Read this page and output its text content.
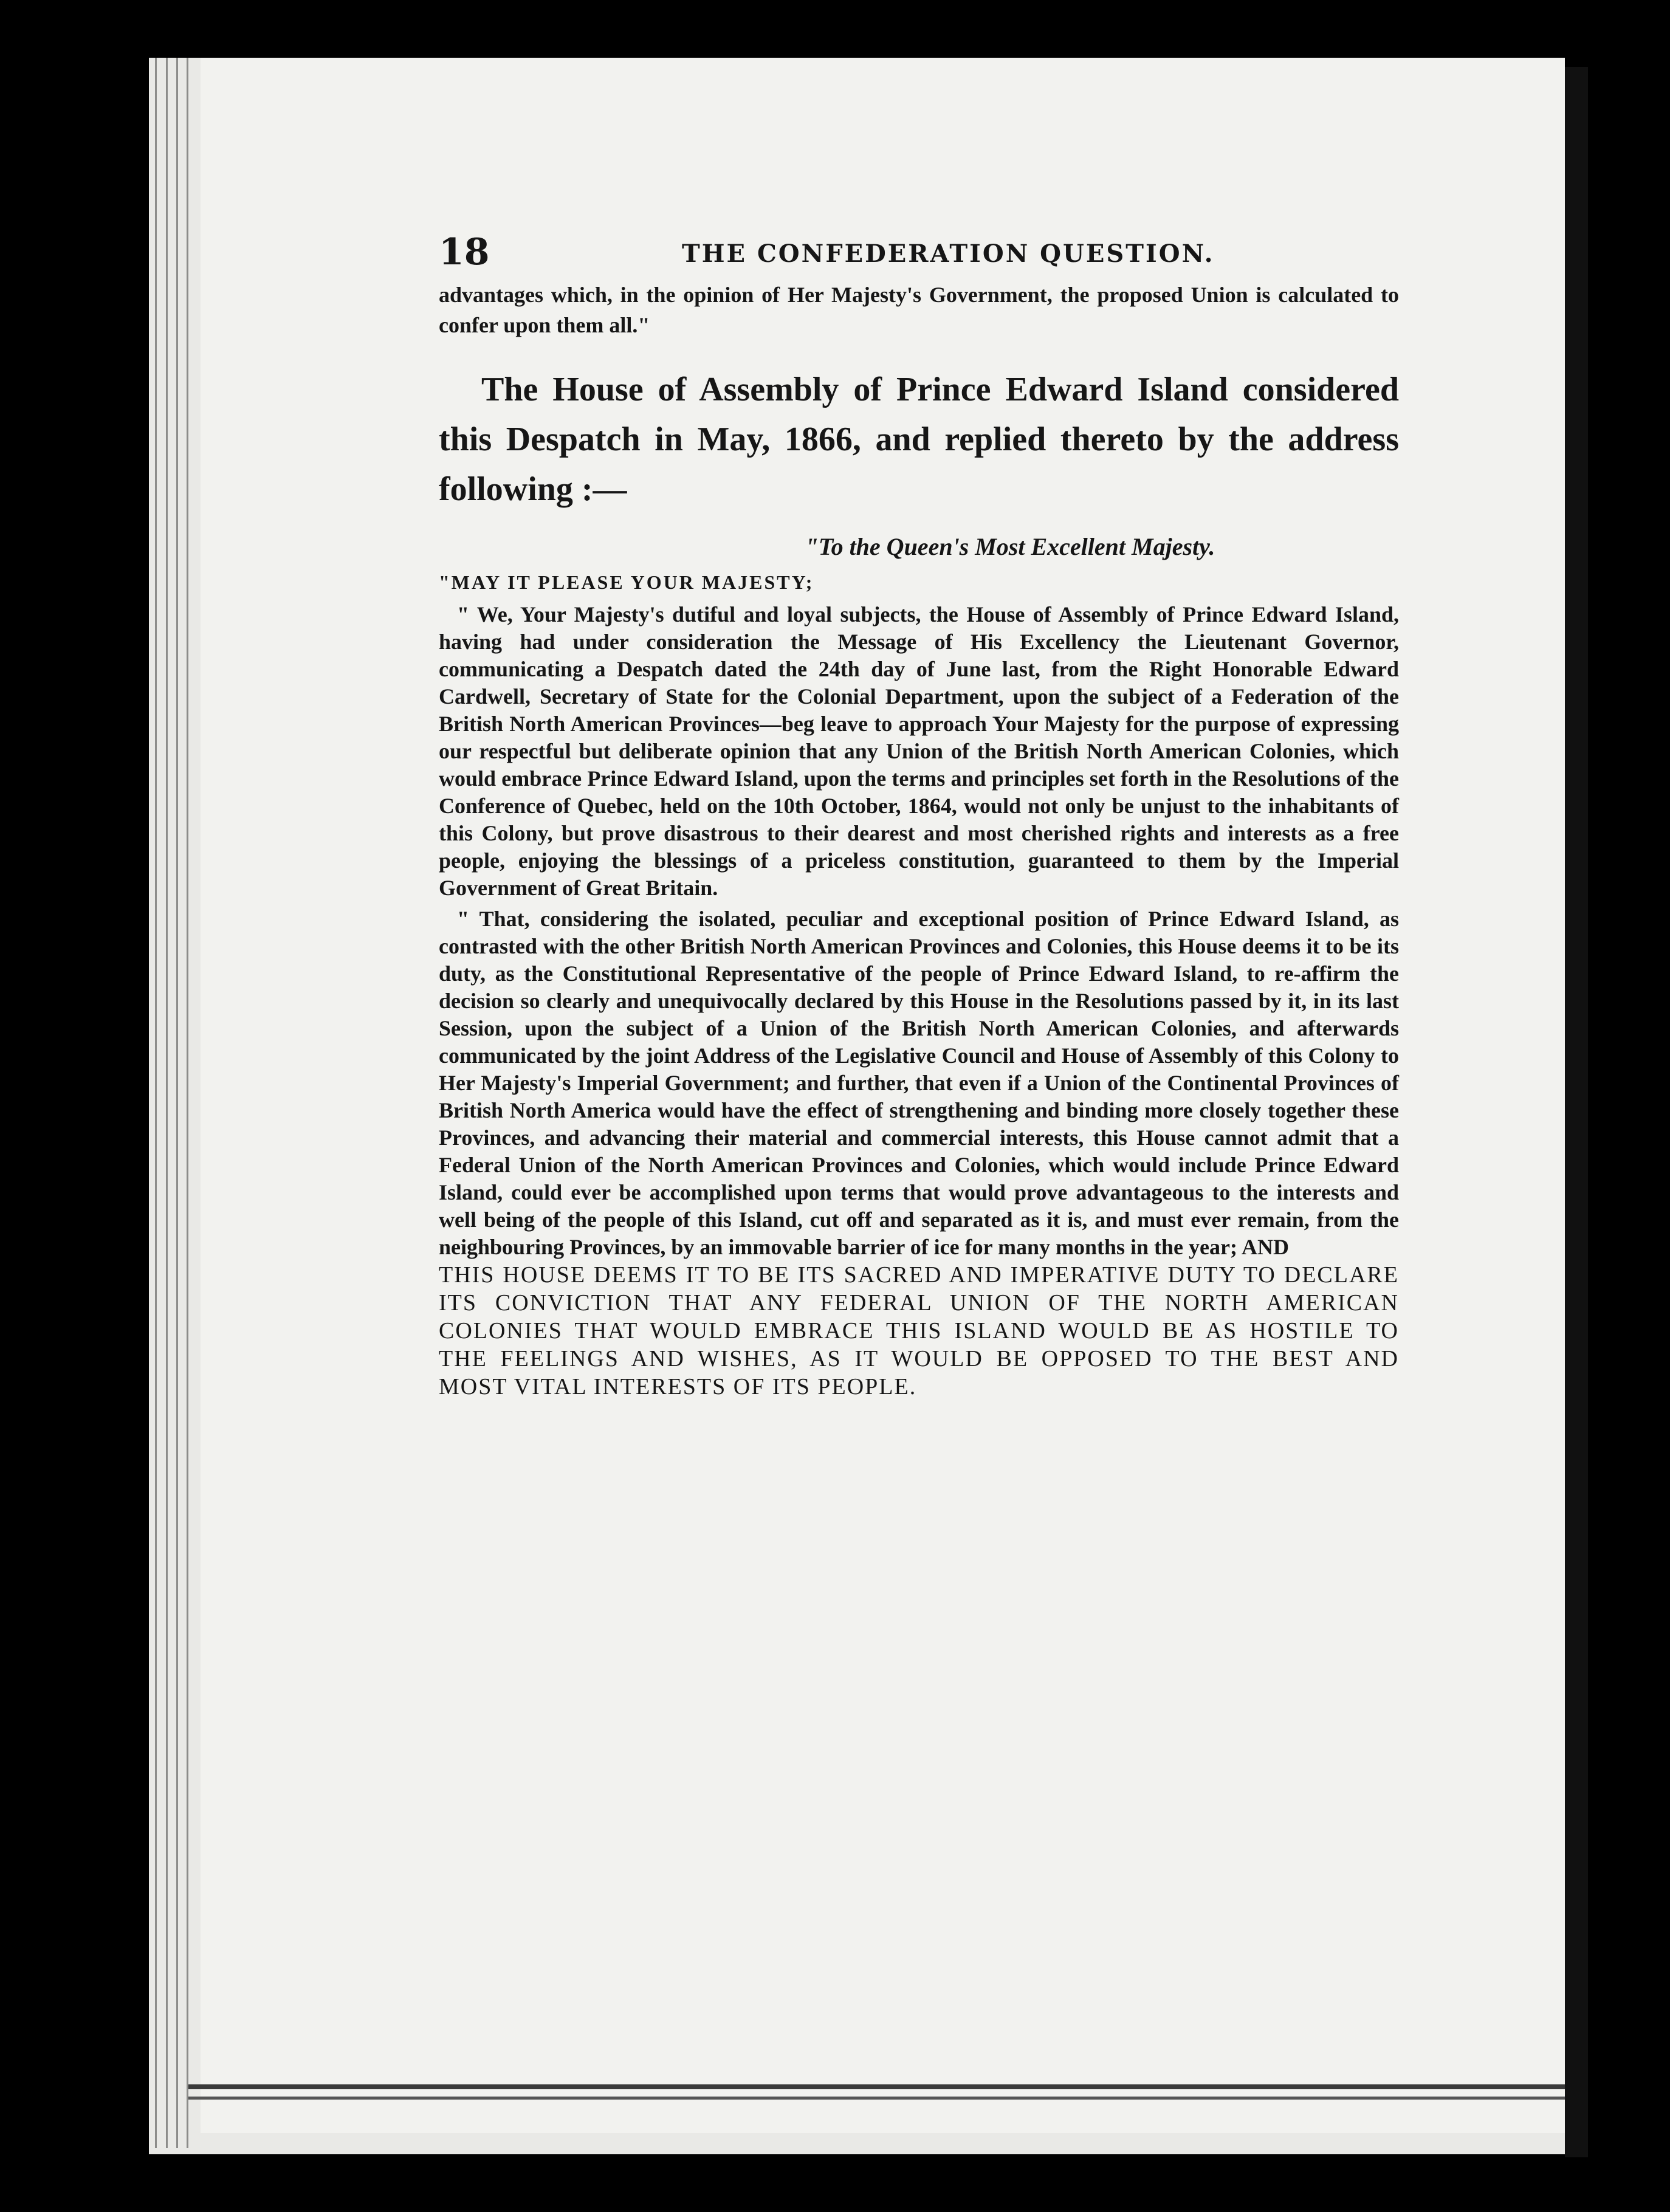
18	THE CONFEDERATION QUESTION.

advantages which, in the opinion of Her Majesty's Government, the proposed Union is calculated to confer upon them all."

The House of Assembly of Prince Edward Island considered this Despatch in May, 1866, and replied thereto by the address following :—

"To the Queen's Most Excellent Majesty.

"MAY IT PLEASE YOUR MAJESTY;

" We, Your Majesty's dutiful and loyal subjects, the House of Assembly of Prince Edward Island, having had under consideration the Message of His Excellency the Lieutenant Governor, communicating a Despatch dated the 24th day of June last, from the Right Honorable Edward Cardwell, Secretary of State for the Colonial Department, upon the subject of a Federation of the British North American Provinces—beg leave to approach Your Majesty for the purpose of expressing our respectful but deliberate opinion that any Union of the British North American Colonies, which would embrace Prince Edward Island, upon the terms and principles set forth in the Resolutions of the Conference of Quebec, held on the 10th October, 1864, would not only be unjust to the inhabitants of this Colony, but prove disastrous to their dearest and most cherished rights and interests as a free people, enjoying the blessings of a priceless constitution, guaranteed to them by the Imperial Government of Great Britain.

" That, considering the isolated, peculiar and exceptional position of Prince Edward Island, as contrasted with the other British North American Provinces and Colonies, this House deems it to be its duty, as the Constitutional Representative of the people of Prince Edward Island, to re-affirm the decision so clearly and unequivocally declared by this House in the Resolutions passed by it, in its last Session, upon the subject of a Union of the British North American Colonies, and afterwards communicated by the joint Address of the Legislative Council and House of Assembly of this Colony to Her Majesty's Imperial Government; and further, that even if a Union of the Continental Provinces of British North America would have the effect of strengthening and binding more closely together these Provinces, and advancing their material and commercial interests, this House cannot admit that a Federal Union of the North American Provinces and Colonies, which would include Prince Edward Island, could ever be accomplished upon terms that would prove advantageous to the interests and well being of the people of this Island, cut off and separated as it is, and must ever remain, from the neighbouring Provinces, by an immovable barrier of ice for many months in the year; AND

THIS HOUSE DEEMS IT TO BE ITS SACRED AND IMPERATIVE DUTY TO DECLARE ITS CONVICTION THAT ANY FEDERAL UNION OF THE NORTH AMERICAN COLONIES THAT WOULD EMBRACE THIS ISLAND WOULD BE AS HOSTILE TO THE FEELINGS AND WISHES, AS IT WOULD BE OPPOSED TO THE BEST AND MOST VITAL INTERESTS OF ITS PEOPLE.
